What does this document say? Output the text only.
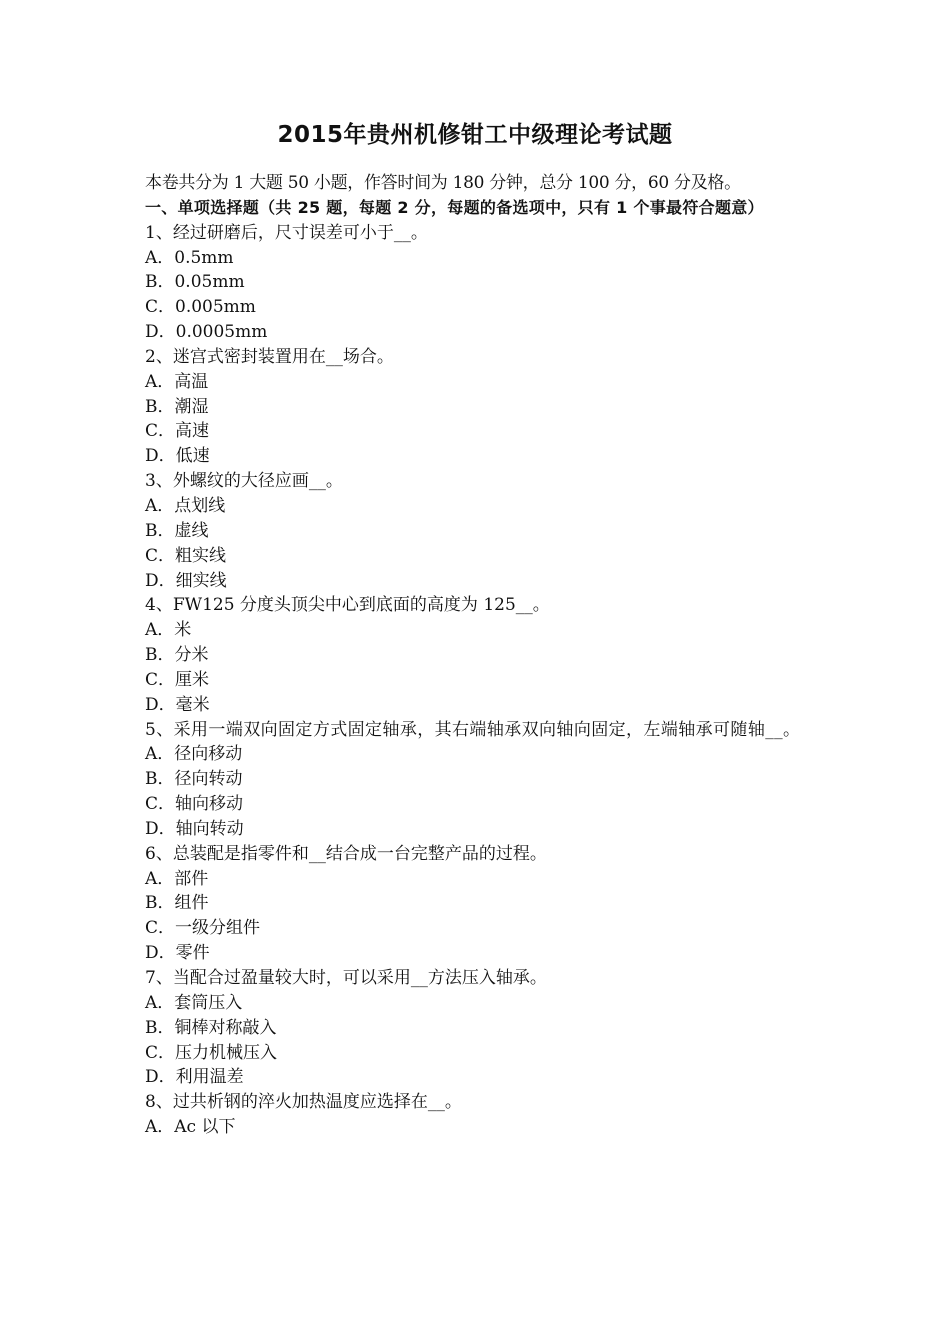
2015年贵州机修钳工中级理论考试题
本卷共分为 1 大题 50 小题，作答时间为 180 分钟，总分 100 分，60 分及格。
一、单项选择题（共 25 题，每题 2 分，每题的备选项中，只有 1 个事最符合题意）
1、经过研磨后，尺寸误差可小于__。
A．0.5mm
B．0.05mm
C．0.005mm
D．0.0005mm
2、迷宫式密封装置用在__场合。
A．高温
B．潮湿
C．高速
D．低速
3、外螺纹的大径应画__。
A．点划线
B．虚线
C．粗实线
D．细实线
4、FW125 分度头顶尖中心到底面的高度为 125__。
A．米
B．分米
C．厘米
D．毫米
5、采用一端双向固定方式固定轴承，其右端轴承双向轴向固定，左端轴承可随轴__。
A．径向移动
B．径向转动
C．轴向移动
D．轴向转动
6、总装配是指零件和__结合成一台完整产品的过程。
A．部件
B．组件
C．一级分组件
D．零件
7、当配合过盈量较大时，可以采用__方法压入轴承。
A．套筒压入
B．铜棒对称敲入
C．压力机械压入
D．利用温差
8、过共析钢的淬火加热温度应选择在__。
A．Ac 以下
